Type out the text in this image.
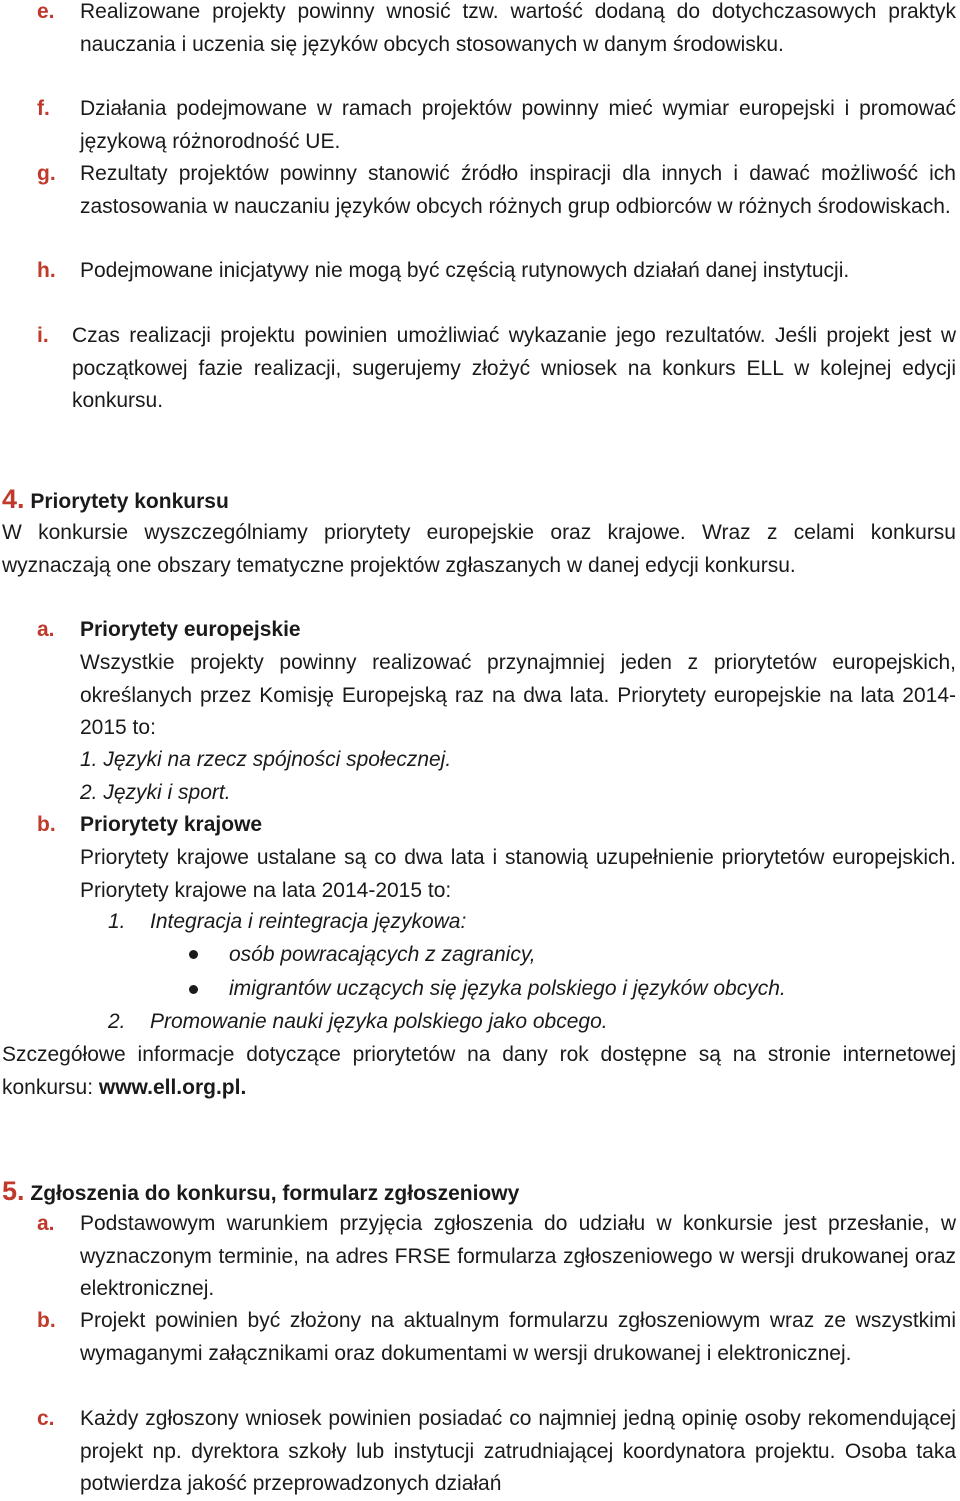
e. Realizowane projekty powinny wnosić tzw. wartość dodaną do dotychczasowych praktyk nauczania i uczenia się języków obcych stosowanych w danym środowisku.
f. Działania podejmowane w ramach projektów powinny mieć wymiar europejski i promować językową różnorodność UE.
g. Rezultaty projektów powinny stanowić źródło inspiracji dla innych i dawać możliwość ich zastosowania w nauczaniu języków obcych różnych grup odbiorców w różnych środowiskach.
h. Podejmowane inicjatywy nie mogą być częścią rutynowych działań danej instytucji.
i. Czas realizacji projektu powinien umożliwiać wykazanie jego rezultatów. Jeśli projekt jest w początkowej fazie realizacji, sugerujemy złożyć wniosek na konkurs ELL w kolejnej edycji konkursu.
4. Priorytety konkursu
W konkursie wyszczególniamy priorytety europejskie oraz krajowe. Wraz z celami konkursu wyznaczają one obszary tematyczne projektów zgłaszanych w danej edycji konkursu.
a. Priorytety europejskie
Wszystkie projekty powinny realizować przynajmniej jeden z priorytetów europejskich, określanych przez Komisję Europejską raz na dwa lata. Priorytety europejskie na lata 2014-2015 to:
1. Języki na rzecz spójności społecznej.
2. Języki i sport.
b. Priorytety krajowe
Priorytety krajowe ustalane są co dwa lata i stanowią uzupełnienie priorytetów europejskich. Priorytety krajowe na lata 2014-2015 to:
1. Integracja i reintegracja językowa:
osób powracających z zagranicy,
imigrantów uczących się języka polskiego i języków obcych.
2. Promowanie nauki języka polskiego jako obcego.
Szczegółowe informacje dotyczące priorytetów na dany rok dostępne są na stronie internetowej konkursu: www.ell.org.pl.
5. Zgłoszenia do konkursu, formularz zgłoszeniowy
a. Podstawowym warunkiem przyjęcia zgłoszenia do udziału w konkursie jest przesłanie, w wyznaczonym terminie, na adres FRSE formularza zgłoszeniowego w wersji drukowanej oraz elektronicznej.
b. Projekt powinien być złożony na aktualnym formularzu zgłoszeniowym wraz ze wszystkimi wymaganymi załącznikami oraz dokumentami w wersji drukowanej i elektronicznej.
c. Każdy zgłoszony wniosek powinien posiadać co najmniej jedną opinię osoby rekomendującej projekt np. dyrektora szkoły lub instytucji zatrudniającej koordynatora projektu. Osoba taka potwierdza jakość przeprowadzonych działań
